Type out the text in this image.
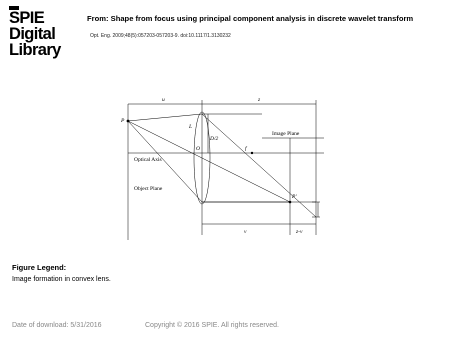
SPIE
Digital
Library
From: Shape from focus using principal component analysis in discrete wavelet transform
Opt. Eng. 2009;48(5):057203-057203-9. doi:10.1117/1.3130232
u	z
P
L
D/2
f
O
Image Plane
Optical Axis
Object Plane
P'
v	z-v
Figure Legend:
Image formation in convex lens.
Date of download: 5/31/2016	Copyright © 2016 SPIE. All rights reserved.
